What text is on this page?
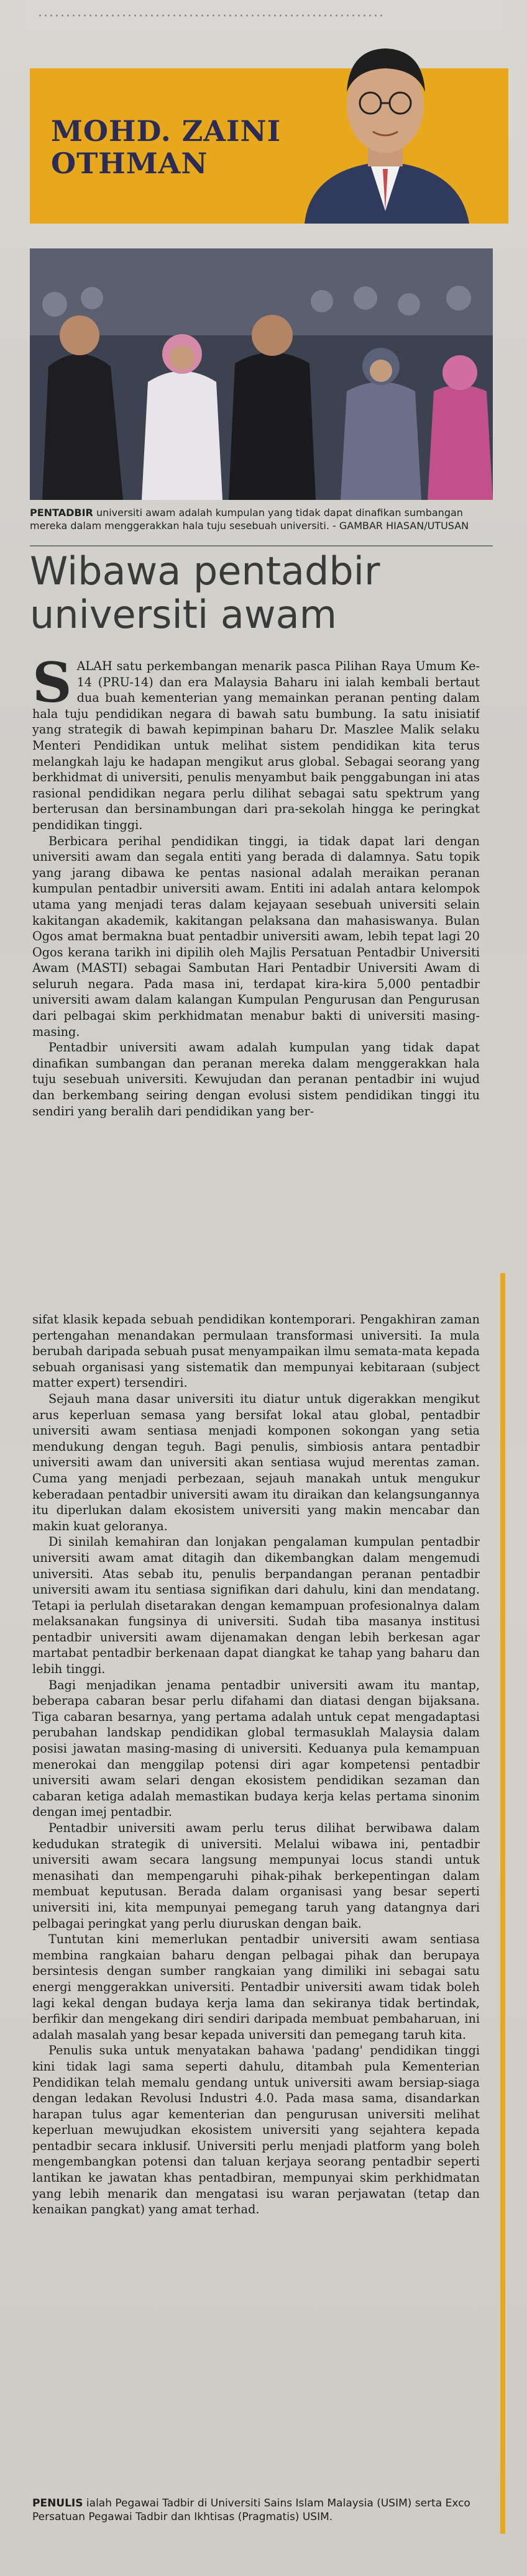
MOHD. ZAINI
OTHMAN
PENTADBIR universiti awam adalah kumpulan yang tidak dapat dinafikan sumbangan mereka dalam menggerakkan hala tuju sesebuah universiti. - GAMBAR HIASAN/UTUSAN
Wibawa pentadbir
universiti awam

SALAH satu perkembangan menarik pasca Pilihan Raya Umum Ke-14 (PRU-14) dan era Malaysia Baharu ini ialah kembali bertaut dua buah kementerian yang memainkan peranan penting dalam hala tuju pendidikan negara di bawah satu bumbung. Ia satu inisiatif yang strategik di bawah kepimpinan baharu Dr. Maszlee Malik selaku Menteri Pendidikan untuk melihat sistem pendidikan kita terus melangkah laju ke hadapan mengikut arus global. Sebagai seorang yang berkhidmat di universiti, penulis menyambut baik penggabungan ini atas rasional pendidikan negara perlu dilihat sebagai satu spektrum yang berterusan dan bersinambungan dari pra-sekolah hingga ke peringkat pendidikan tinggi.

Berbicara perihal pendidikan tinggi, ia tidak dapat lari dengan universiti awam dan segala entiti yang berada di dalamnya. Satu topik yang jarang dibawa ke pentas nasional adalah meraikan peranan kumpulan pentadbir universiti awam. Entiti ini adalah antara kelompok utama yang menjadi teras dalam kejayaan sesebuah universiti selain kakitangan akademik, kakitangan pelaksana dan mahasiswanya. Bulan Ogos amat bermakna buat pentadbir universiti awam, lebih tepat lagi 20 Ogos kerana tarikh ini dipilih oleh Majlis Persatuan Pentadbir Universiti Awam (MASTI) sebagai Sambutan Hari Pentadbir Universiti Awam di seluruh negara. Pada masa ini, terdapat kira-kira 5,000 pentadbir universiti awam dalam kalangan Kumpulan Pengurusan dan Pengurusan dari pelbagai skim perkhidmatan menabur bakti di universiti masing-masing.

Pentadbir universiti awam adalah kumpulan yang tidak dapat dinafikan sumbangan dan peranan mereka dalam menggerakkan hala tuju sesebuah universiti. Kewujudan dan peranan pentadbir ini wujud dan berkembang seiring dengan evolusi sistem pendidikan tinggi itu sendiri yang beralih dari pendidikan yang ber-

sifat klasik kepada sebuah pendidikan kontemporari. Pengakhiran zaman pertengahan menandakan permulaan transformasi universiti. Ia mula berubah daripada sebuah pusat menyampaikan ilmu semata-mata kepada sebuah organisasi yang sistematik dan mempunyai kebitaraan (subject matter expert) tersendiri.

Sejauh mana dasar universiti itu diatur untuk digerakkan mengikut arus keperluan semasa yang bersifat lokal atau global, pentadbir universiti awam sentiasa menjadi komponen sokongan yang setia mendukung dengan teguh. Bagi penulis, simbiosis antara pentadbir universiti awam dan universiti akan sentiasa wujud merentas zaman. Cuma yang menjadi perbezaan, sejauh manakah untuk mengukur keberadaan pentadbir universiti awam itu diraikan dan kelangsungannya itu diperlukan dalam ekosistem universiti yang makin mencabar dan makin kuat geloranya.

Di sinilah kemahiran dan lonjakan pengalaman kumpulan pentadbir universiti awam amat ditagih dan dikembangkan dalam mengemudi universiti. Atas sebab itu, penulis berpandangan peranan pentadbir universiti awam itu sentiasa signifikan dari dahulu, kini dan mendatang. Tetapi ia perlulah disetarakan dengan kemampuan profesionalnya dalam melaksanakan fungsinya di universiti. Sudah tiba masanya institusi pentadbir universiti awam dijenamakan dengan lebih berkesan agar martabat pentadbir berkenaan dapat diangkat ke tahap yang baharu dan lebih tinggi.

Bagi menjadikan jenama pentadbir universiti awam itu mantap, beberapa cabaran besar perlu difahami dan diatasi dengan bijaksana. Tiga cabaran besarnya, yang pertama adalah untuk cepat mengadaptasi perubahan landskap pendidikan global termasuklah Malaysia dalam posisi jawatan masing-masing di universiti. Keduanya pula kemampuan menerokai dan menggilap potensi diri agar kompetensi pentadbir universiti awam selari dengan ekosistem pendidikan sezaman dan cabaran ketiga adalah memastikan budaya kerja kelas pertama sinonim dengan imej pentadbir.

Pentadbir universiti awam perlu terus dilihat berwibawa dalam kedudukan strategik di universiti. Melalui wibawa ini, pentadbir universiti awam secara langsung mempunyai locus standi untuk menasihati dan mempengaruhi pihak-pihak berkepentingan dalam membuat keputusan. Berada dalam organisasi yang besar seperti universiti ini, kita mempunyai pemegang taruh yang datangnya dari pelbagai peringkat yang perlu diuruskan dengan baik.

Tuntutan kini memerlukan pentadbir universiti awam sentiasa membina rangkaian baharu dengan pelbagai pihak dan berupaya bersintesis dengan sumber rangkaian yang dimiliki ini sebagai satu energi menggerakkan universiti. Pentadbir universiti awam tidak boleh lagi kekal dengan budaya kerja lama dan sekiranya tidak bertindak, berfikir dan mengekang diri sendiri daripada membuat pembaharuan, ini adalah masalah yang besar kepada universiti dan pemegang taruh kita.

Penulis suka untuk menyatakan bahawa 'padang' pendidikan tinggi kini tidak lagi sama seperti dahulu, ditambah pula Kementerian Pendidikan telah memalu gendang untuk universiti awam bersiap-siaga dengan ledakan Revolusi Industri 4.0. Pada masa sama, disandarkan harapan tulus agar kementerian dan pengurusan universiti melihat keperluan mewujudkan ekosistem universiti yang sejahtera kepada pentadbir secara inklusif. Universiti perlu menjadi platform yang boleh mengembangkan potensi dan taluan kerjaya seorang pentadbir seperti lantikan ke jawatan khas pentadbiran, mempunyai skim perkhidmatan yang lebih menarik dan mengatasi isu waran perjawatan (tetap dan kenaikan pangkat) yang amat terhad.

PENULIS ialah Pegawai Tadbir di Universiti Sains Islam Malaysia (USIM) serta Exco Persatuan Pegawai Tadbir dan Ikhtisas (Pragmatis) USIM.
